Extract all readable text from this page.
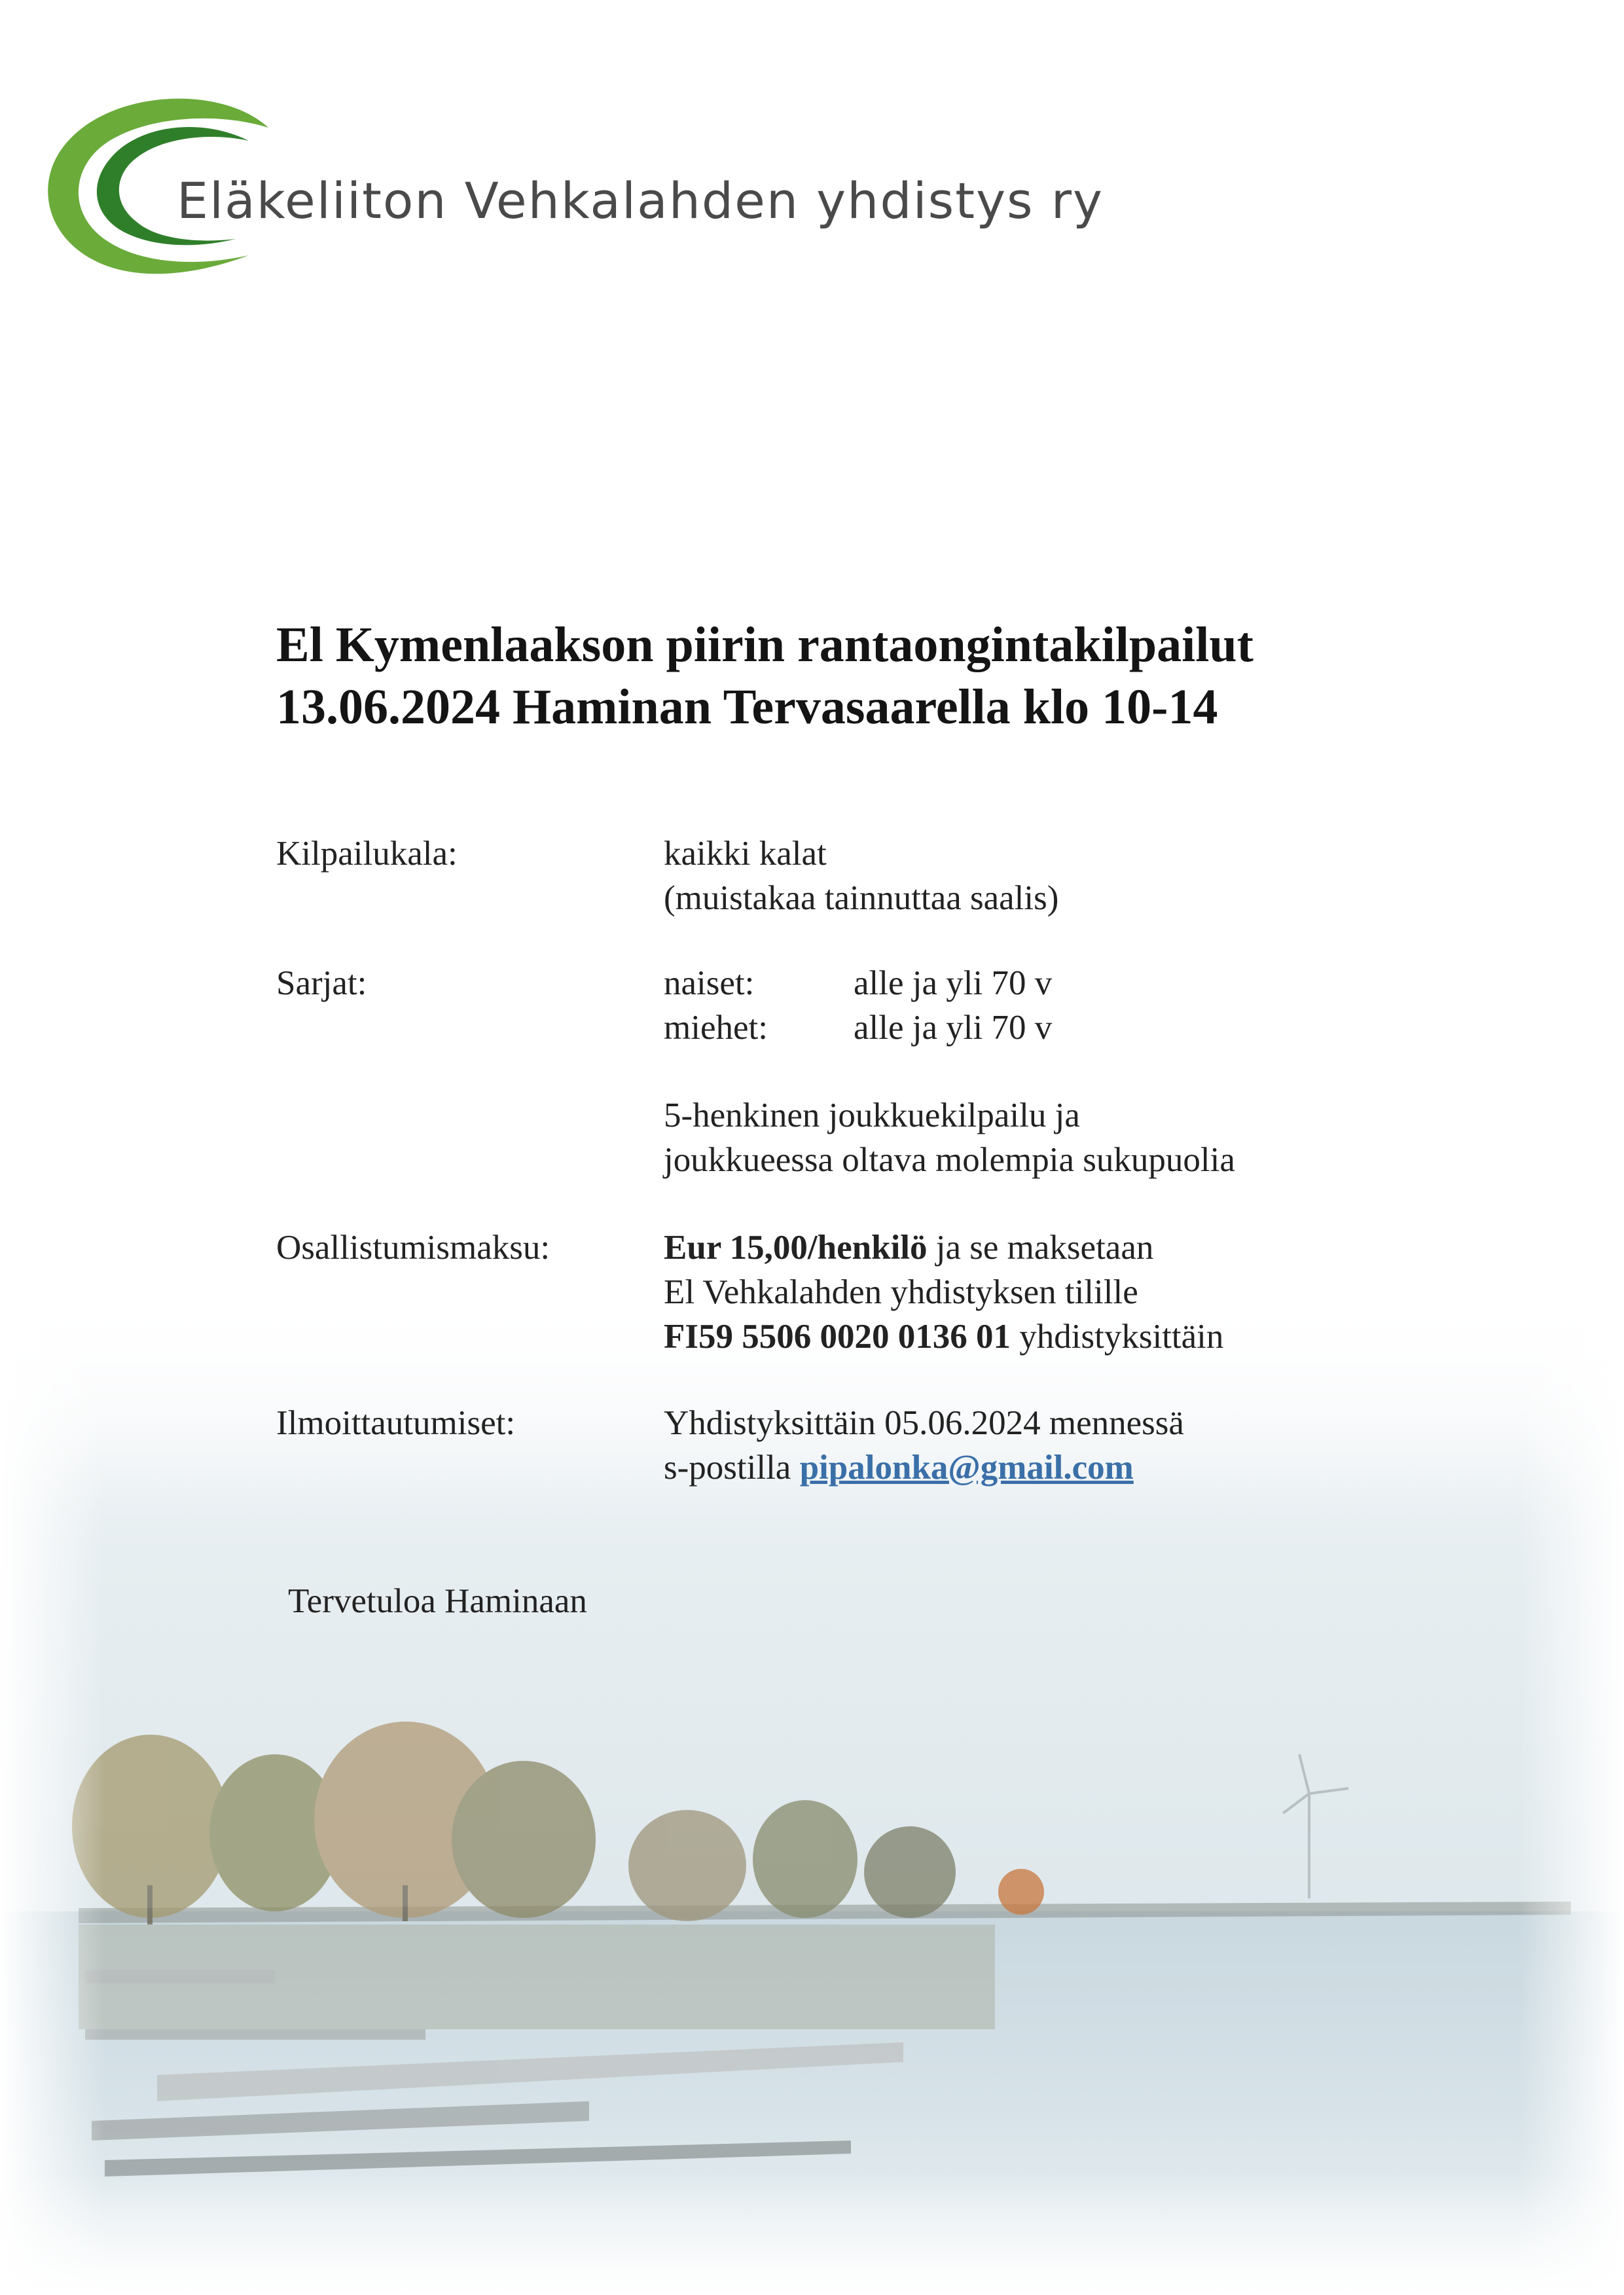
Eläkeliiton Vehkalahden yhdistys ry
El Kymenlaakson piirin rantaongintakilpailut
13.06.2024 Haminan Tervasaarella klo 10-14
Kilpailukala:	kaikki kalat
(muistakaa tainnuttaa saalis)
Sarjat:	naiset:	alle ja yli 70 v
miehet: alle ja yli 70 v
5-henkinen joukkuekilpailu ja
joukkueessa oltava molempia sukupuolia
Osallistumismaksu:	Eur 15,00/henkilö ja se maksetaan
El Vehkalahden yhdistyksen tilille
FI59 5506 0020 0136 01 yhdistyksittäin
Ilmoittautumiset:	Yhdistyksittäin 05.06.2024 mennessä
s-postilla pipalonka@gmail.com
Tervetuloa Haminaan
